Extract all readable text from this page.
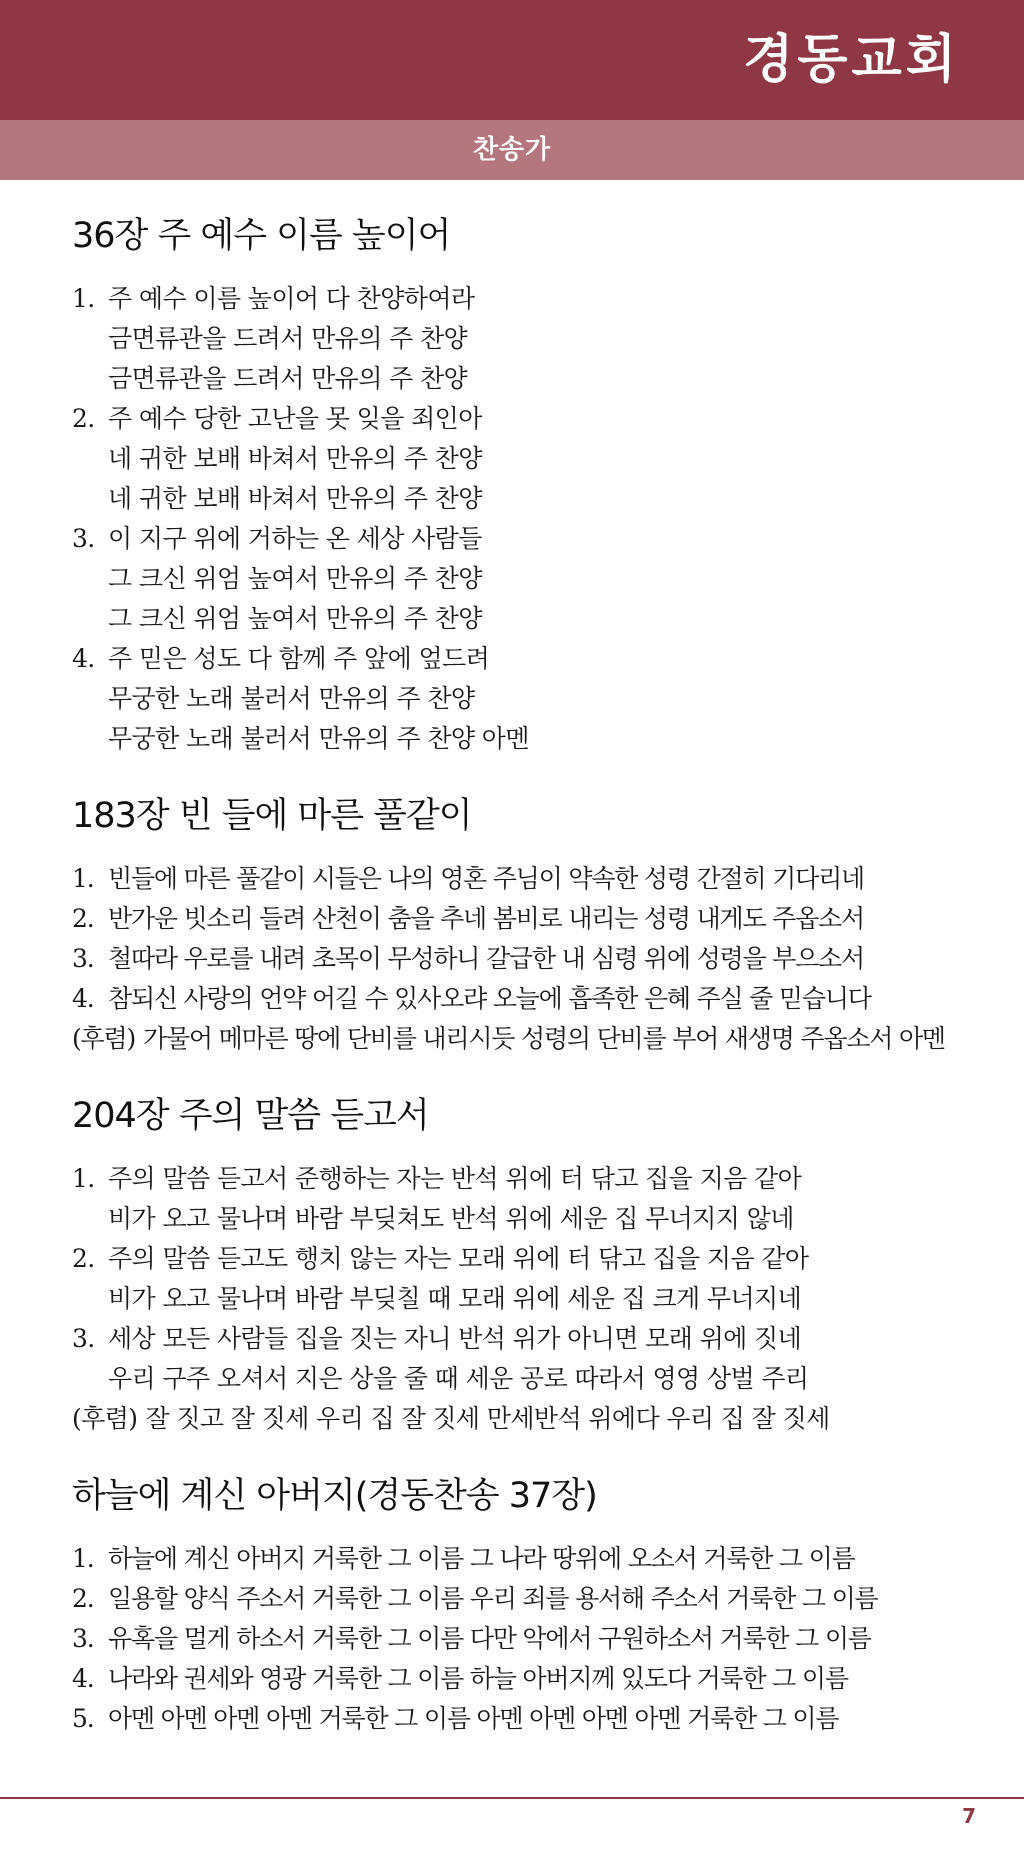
경동교회
찬송가
36장 주 예수 이름 높이어
1. 주 예수 이름 높이어 다 찬양하여라
금면류관을 드려서 만유의 주 찬양
금면류관을 드려서 만유의 주 찬양
2. 주 예수 당한 고난을 못 잊을 죄인아
네 귀한 보배 바쳐서 만유의 주 찬양
네 귀한 보배 바쳐서 만유의 주 찬양
3. 이 지구 위에 거하는 온 세상 사람들
그 크신 위엄 높여서 만유의 주 찬양
그 크신 위엄 높여서 만유의 주 찬양
4. 주 믿은 성도 다 함께 주 앞에 엎드려
무궁한 노래 불러서 만유의 주 찬양
무궁한 노래 불러서 만유의 주 찬양 아멘
183장 빈 들에 마른 풀같이
1. 빈들에 마른 풀같이 시들은 나의 영혼 주님이 약속한 성령 간절히 기다리네
2. 반가운 빗소리 들려 산천이 춤을 추네 봄비로 내리는 성령 내게도 주옵소서
3. 철따라 우로를 내려 초목이 무성하니 갈급한 내 심령 위에 성령을 부으소서
4. 참되신 사랑의 언약 어길 수 있사오랴 오늘에 흡족한 은혜 주실 줄 믿습니다
(후렴) 가물어 메마른 땅에 단비를 내리시듯 성령의 단비를 부어 새생명 주옵소서 아멘
204장 주의 말씀 듣고서
1. 주의 말씀 듣고서 준행하는 자는 반석 위에 터 닦고 집을 지음 같아
비가 오고 물나며 바람 부딪쳐도 반석 위에 세운 집 무너지지 않네
2. 주의 말씀 듣고도 행치 않는 자는 모래 위에 터 닦고 집을 지음 같아
비가 오고 물나며 바람 부딪칠 때 모래 위에 세운 집 크게 무너지네
3. 세상 모든 사람들 집을 짓는 자니 반석 위가 아니면 모래 위에 짓네
우리 구주 오셔서 지은 상을 줄 때 세운 공로 따라서 영영 상벌 주리
(후렴) 잘 짓고 잘 짓세 우리 집 잘 짓세 만세반석 위에다 우리 집 잘 짓세
하늘에 계신 아버지(경동찬송 37장)
1. 하늘에 계신 아버지 거룩한 그 이름 그 나라 땅위에 오소서 거룩한 그 이름
2. 일용할 양식 주소서 거룩한 그 이름 우리 죄를 용서해 주소서 거룩한 그 이름
3. 유혹을 멀게 하소서 거룩한 그 이름 다만 악에서 구원하소서 거룩한 그 이름
4. 나라와 권세와 영광 거룩한 그 이름 하늘 아버지께 있도다 거룩한 그 이름
5. 아멘 아멘 아멘 아멘 거룩한 그 이름 아멘 아멘 아멘 아멘 거룩한 그 이름
7
